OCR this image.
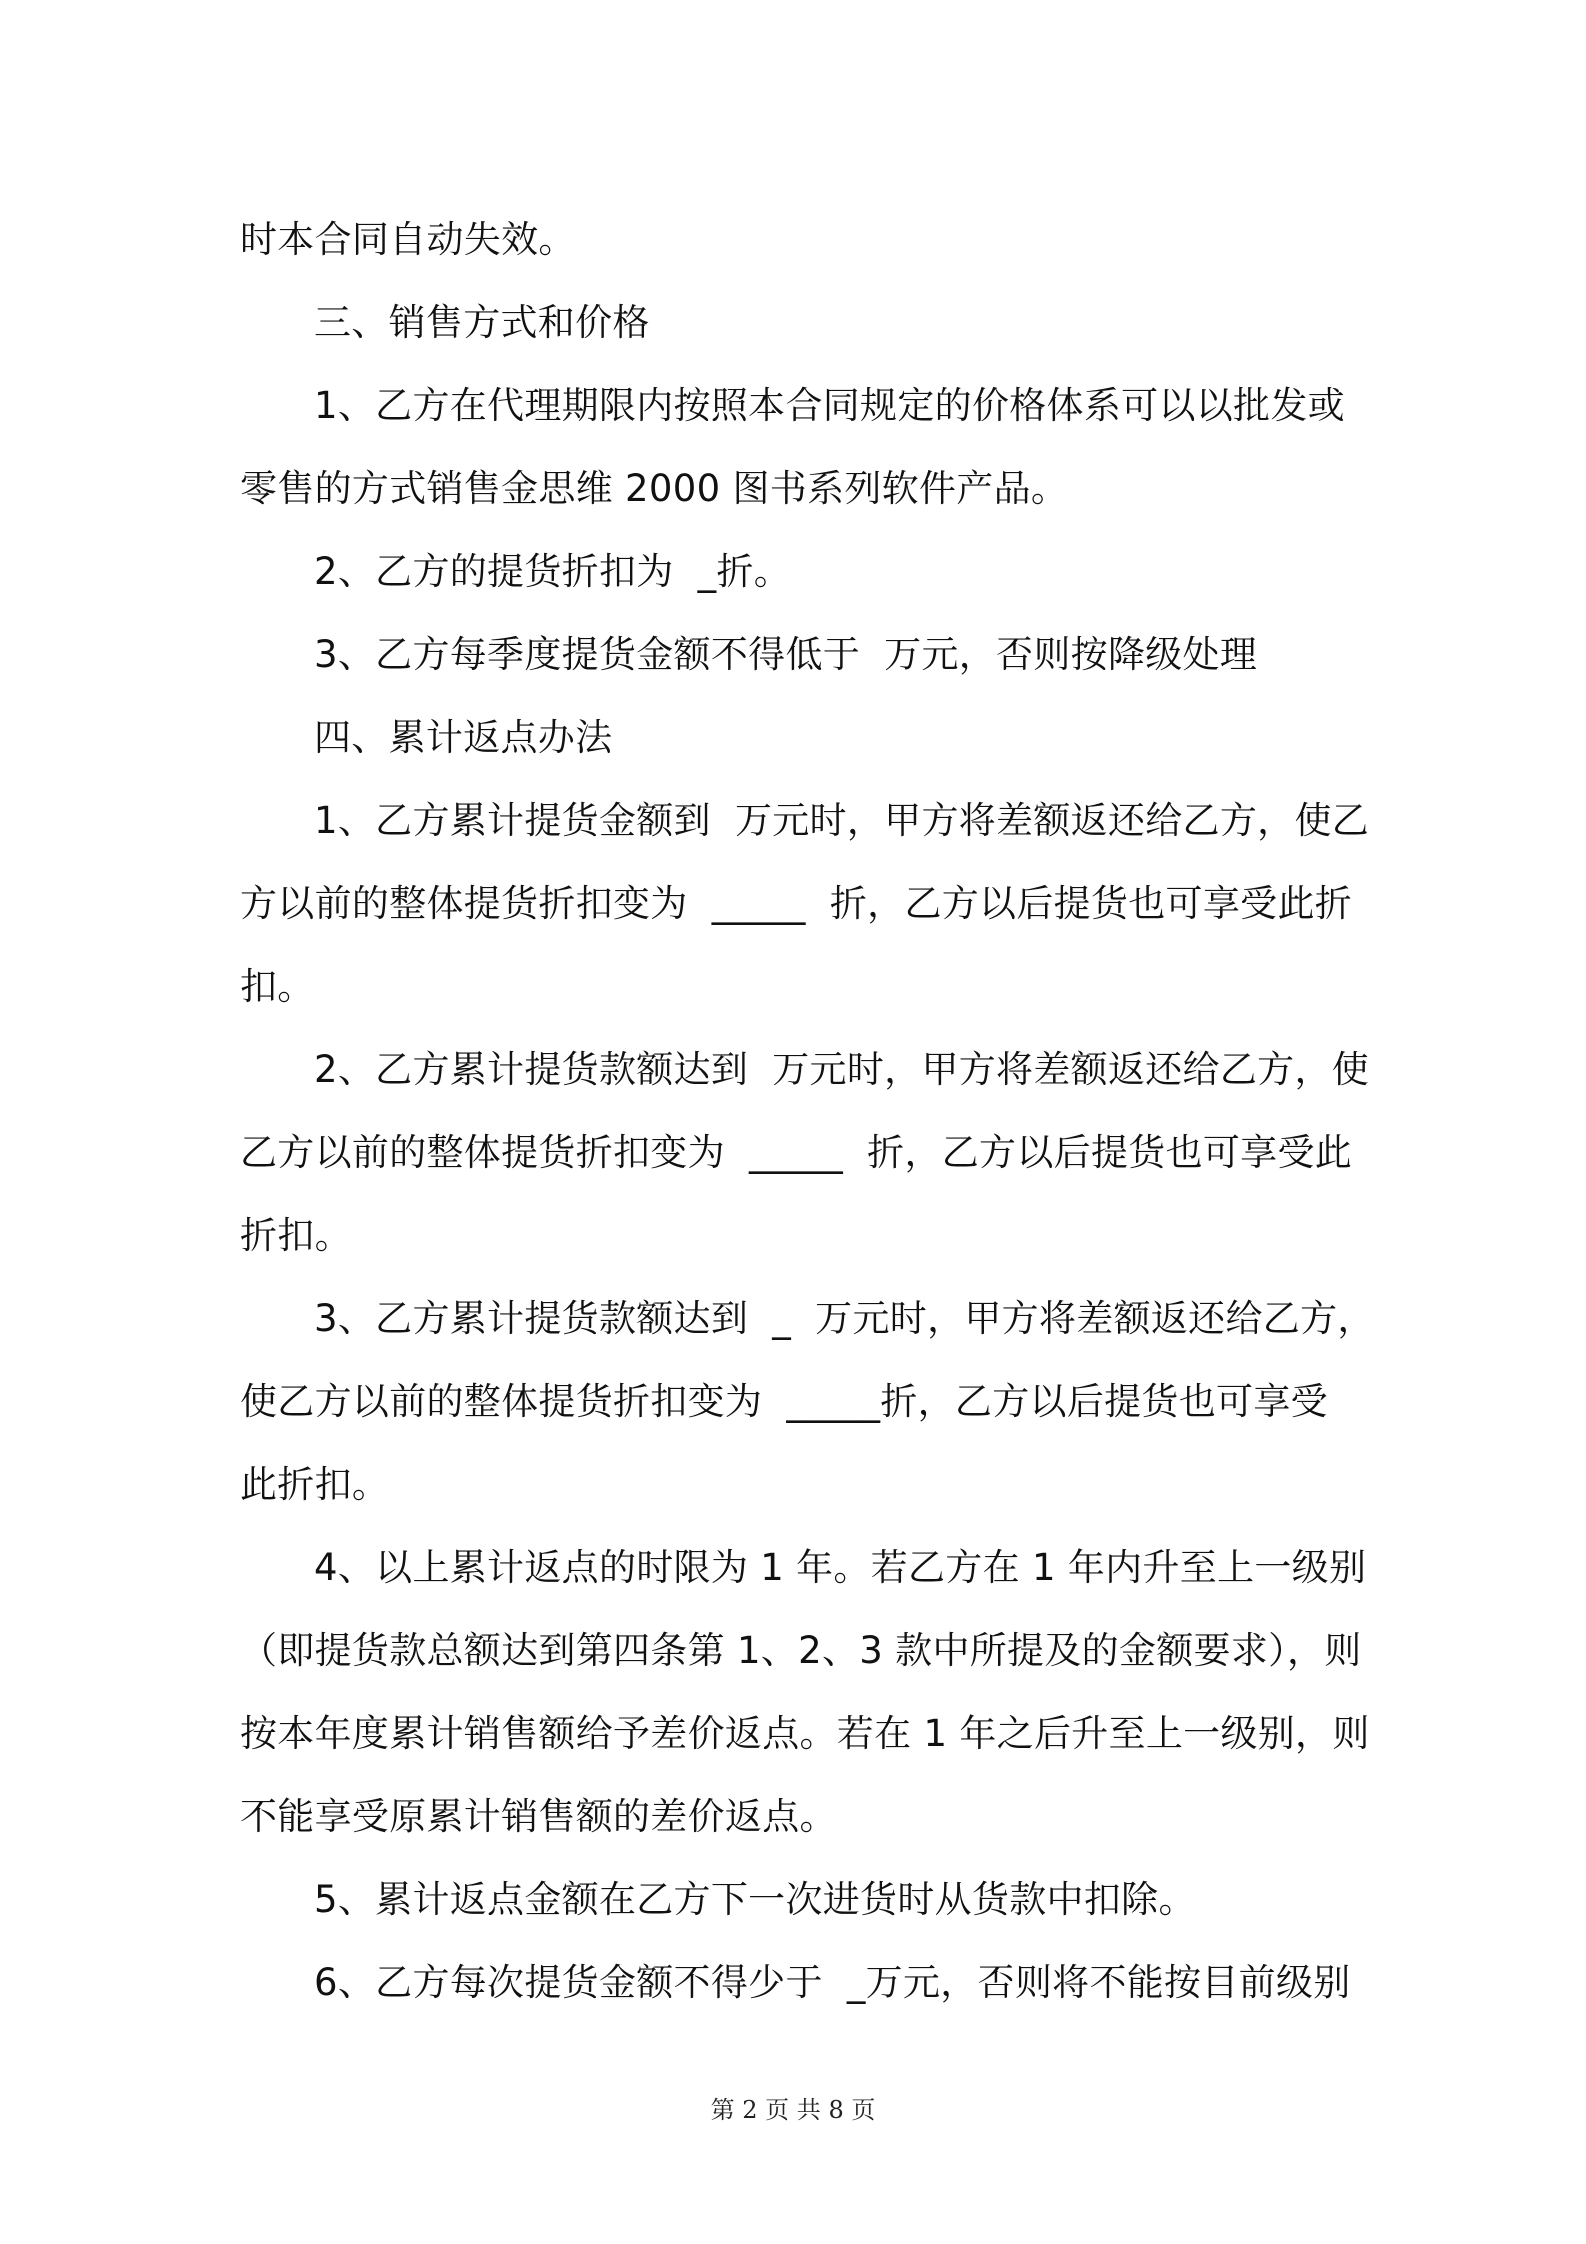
时本合同自动失效。
三、销售方式和价格
1、乙方在代理期限内按照本合同规定的价格体系可以以批发或
零售的方式销售金思维 2000 图书系列软件产品。
2、乙方的提货折扣为  _折。
3、乙方每季度提货金额不得低于  万元，否则按降级处理
四、累计返点办法
1、乙方累计提货金额到  万元时，甲方将差额返还给乙方，使乙
方以前的整体提货折扣变为  _____  折，乙方以后提货也可享受此折
扣。
2、乙方累计提货款额达到  万元时，甲方将差额返还给乙方，使
乙方以前的整体提货折扣变为  _____  折，乙方以后提货也可享受此
折扣。
3、乙方累计提货款额达到  _  万元时，甲方将差额返还给乙方，
使乙方以前的整体提货折扣变为  _____折，乙方以后提货也可享受
此折扣。
4、以上累计返点的时限为 1 年。若乙方在 1 年内升至上一级别
（即提货款总额达到第四条第 1、2、3 款中所提及的金额要求），则
按本年度累计销售额给予差价返点。若在 1 年之后升至上一级别，则
不能享受原累计销售额的差价返点。
5、累计返点金额在乙方下一次进货时从货款中扣除。
6、乙方每次提货金额不得少于  _万元，否则将不能按目前级别
第 2 页 共 8 页
